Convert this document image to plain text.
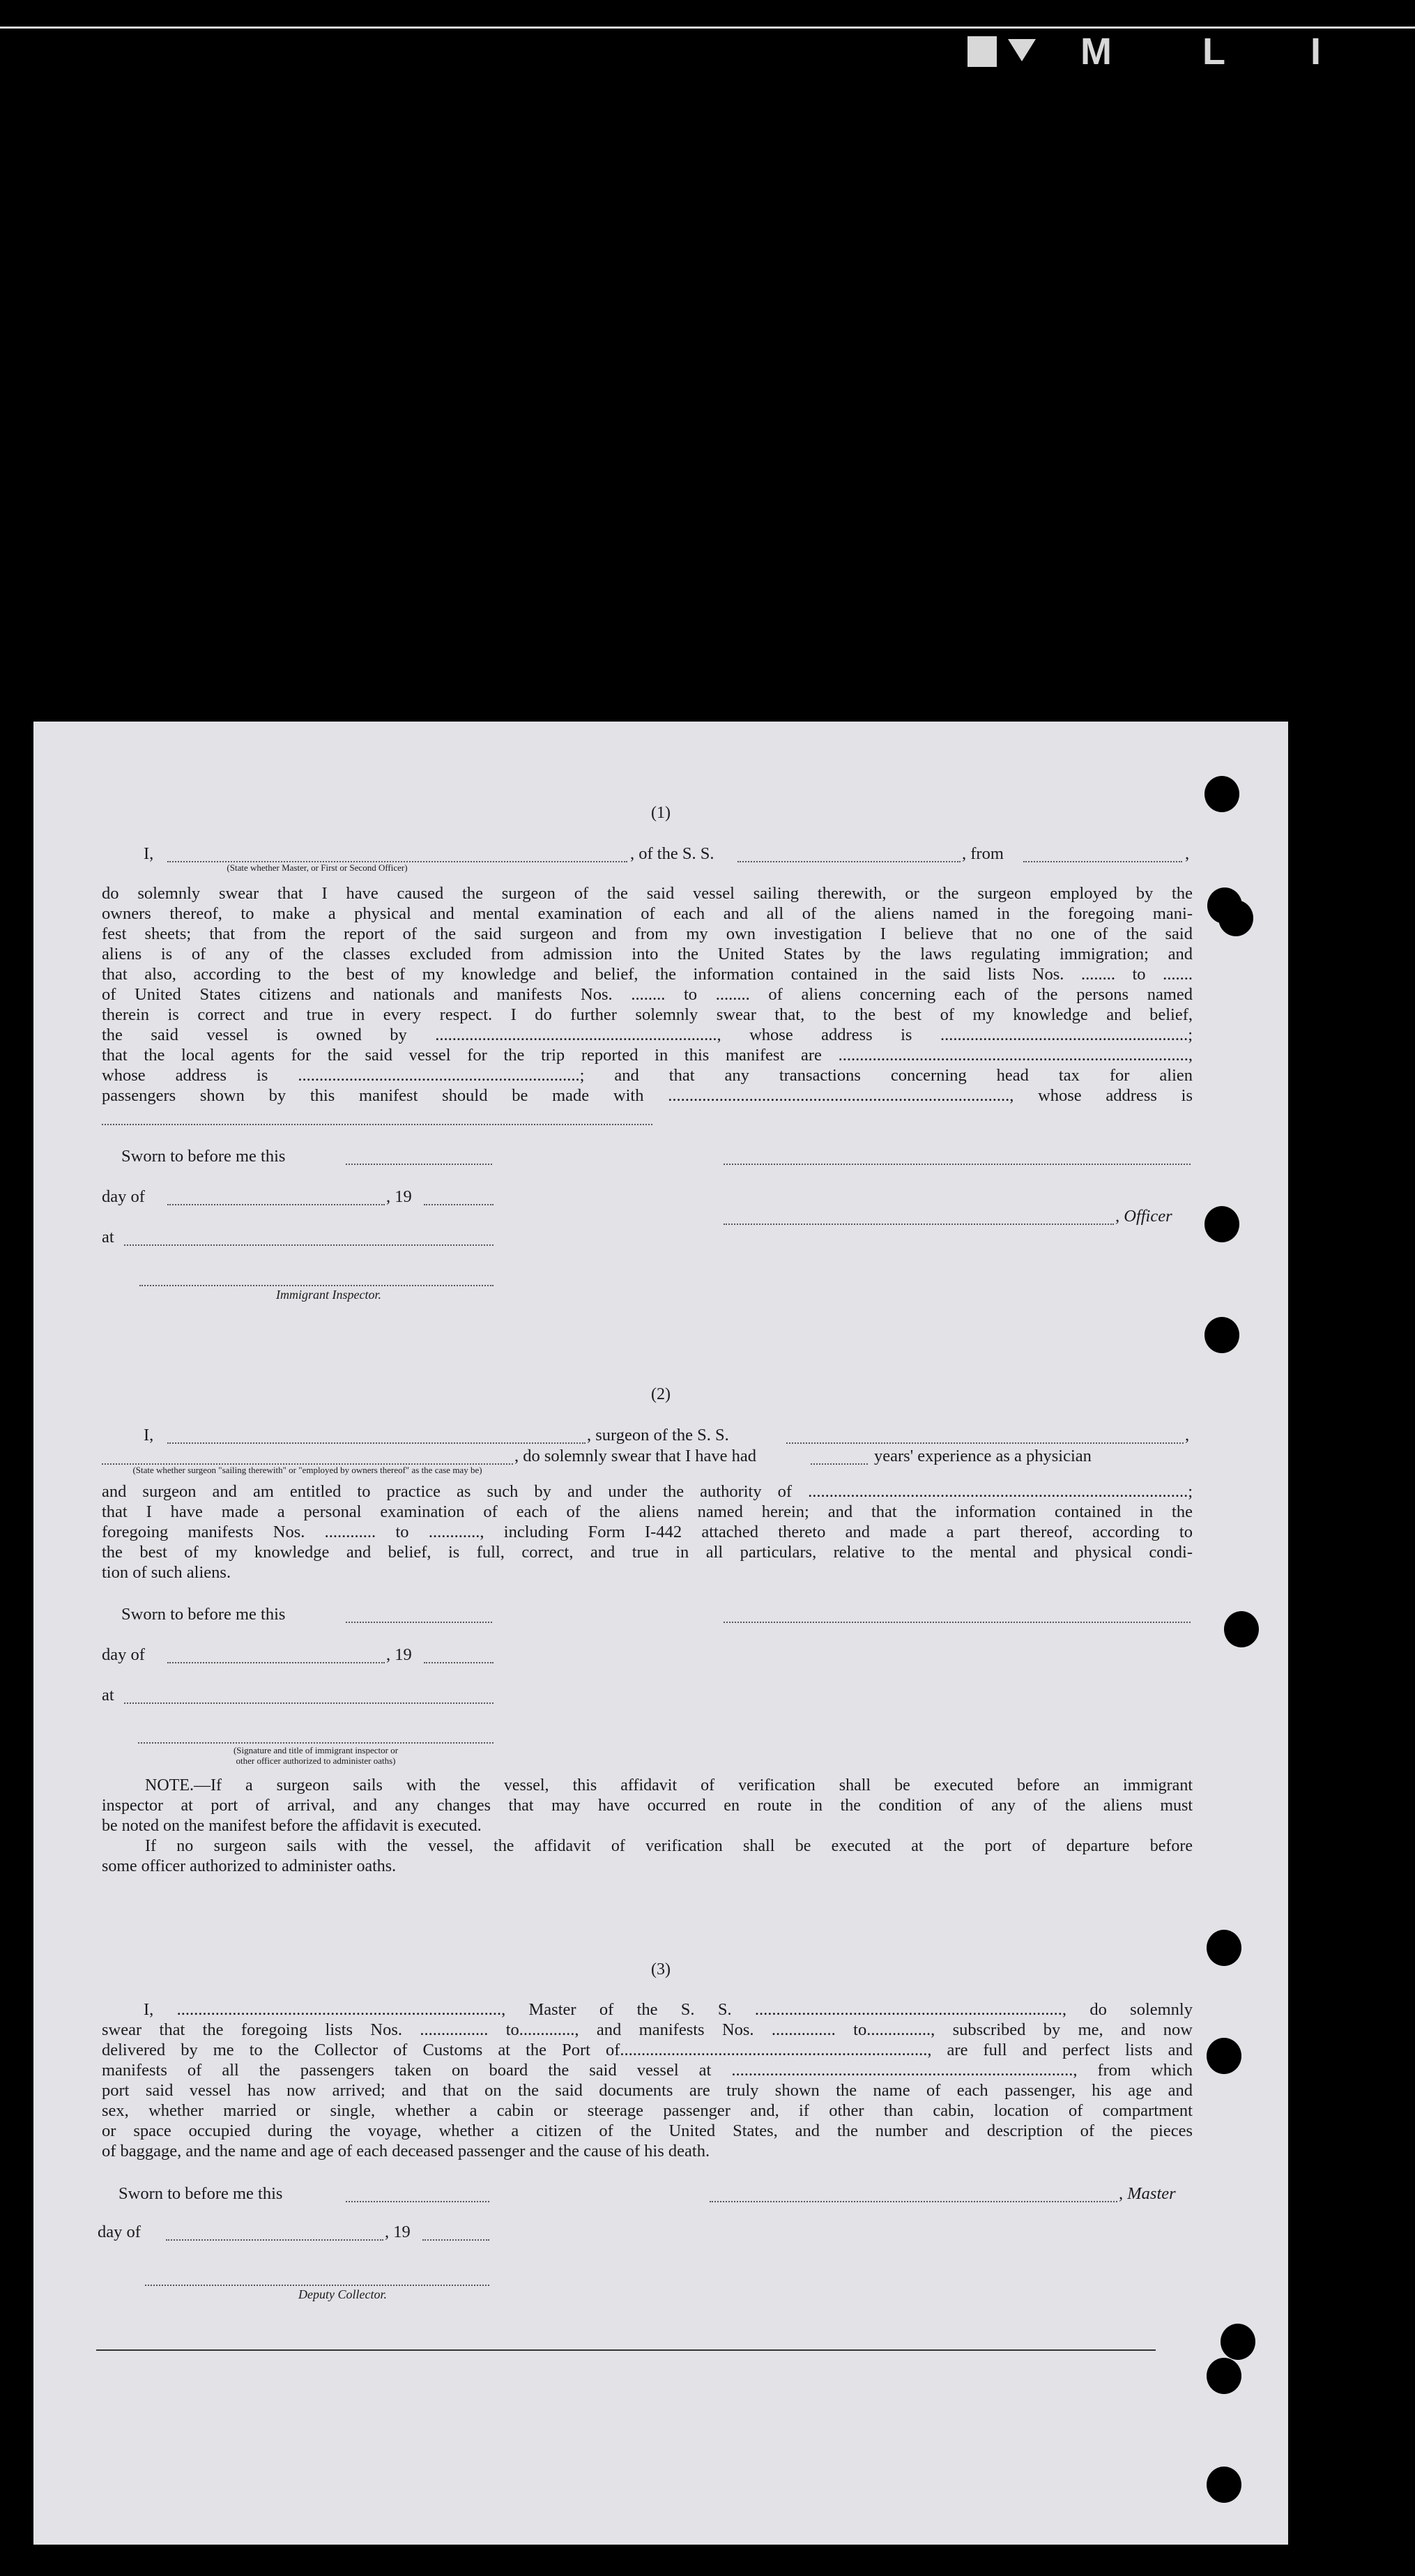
M L I
(1)
I,
(State whether Master, or First or Second Officer)
, of the S. S.	, from	,
do solemnly swear that I have caused the surgeon of the said vessel sailing therewith, or the surgeon employed by the
owners thereof, to make a physical and mental examination of each and all of the aliens named in the foregoing mani-
fest sheets; that from the report of the said surgeon and from my own investigation I believe that no one of the said
aliens is of any of the classes excluded from admission into the United States by the laws regulating immigration; and
that also, according to the best of my knowledge and belief, the information contained in the said lists Nos. ........ to .......
of United States citizens and nationals and manifests Nos. ........ to ........ of aliens concerning each of the persons named
therein is correct and true in every respect. I do further solemnly swear that, to the best of my knowledge and belief,
the said vessel is owned by .................................................................., whose address is ..........................................................;
that the local agents for the said vessel for the trip reported in this manifest are ..................................................................................,
whose address is ..................................................................; and that any transactions concerning head tax for alien
passengers shown by this manifest should be made with ................................................................................, whose address is
Sworn to before me this
day of	, 19
, Officer
at
Immigrant Inspector.
(2)
I,	, surgeon of the S. S.	,
(State whether surgeon "sailing therewith" or "employed by owners thereof" as the case may be)
, do solemnly swear that I have had	years' experience as a physician
and surgeon and am entitled to practice as such by and under the authority of .........................................................................................;
that I have made a personal examination of each of the aliens named herein; and that the information contained in the
foregoing manifests Nos. ............ to ............, including Form I-442 attached thereto and made a part thereof, according to
the best of my knowledge and belief, is full, correct, and true in all particulars, relative to the mental and physical condi-
tion of such aliens.
Sworn to before me this
day of	, 19
at
(Signature and title of immigrant inspector or
other officer authorized to administer oaths)
NOTE.—If a surgeon sails with the vessel, this affidavit of verification shall be executed before an immigrant
inspector at port of arrival, and any changes that may have occurred en route in the condition of any of the aliens must
be noted on the manifest before the affidavit is executed.
If no surgeon sails with the vessel, the affidavit of verification shall be executed at the port of departure before
some officer authorized to administer oaths.
(3)
I, ............................................................................, Master of the S. S. ........................................................................, do solemnly
swear that the foregoing lists Nos. ................ to............., and manifests Nos. ............... to..............., subscribed by me, and now
delivered by me to the Collector of Customs at the Port of........................................................................, are full and perfect lists and
manifests of all the passengers taken on board the said vessel at ................................................................................, from which
port said vessel has now arrived; and that on the said documents are truly shown the name of each passenger, his age and
sex, whether married or single, whether a cabin or steerage passenger and, if other than cabin, location of compartment
or space occupied during the voyage, whether a citizen of the United States, and the number and description of the pieces
of baggage, and the name and age of each deceased passenger and the cause of his death.
Sworn to before me this	, Master
day of	, 19
Deputy Collector.
